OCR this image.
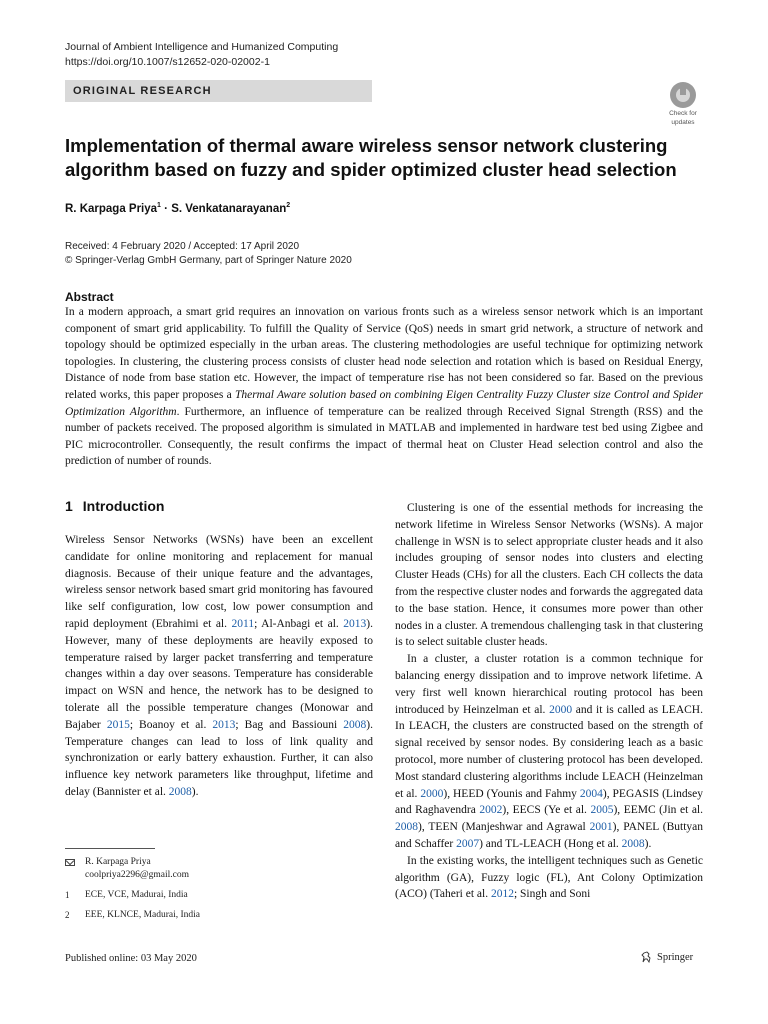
Journal of Ambient Intelligence and Humanized Computing
https://doi.org/10.1007/s12652-020-02002-1
ORIGINAL RESEARCH
Check for
updates
Implementation of thermal aware wireless sensor network clustering algorithm based on fuzzy and spider optimized cluster head selection
R. Karpaga Priya$^1$ · S. Venkatanarayanan$^2$
Received: 4 February 2020 / Accepted: 17 April 2020
© Springer-Verlag GmbH Germany, part of Springer Nature 2020
Abstract
In a modern approach, a smart grid requires an innovation on various fronts such as a wireless sensor network which is an important component of smart grid applicability. To fulfill the Quality of Service (QoS) needs in smart grid network, a structure of network and topology should be optimized especially in the urban areas. The clustering methodologies are useful technique for optimizing network topologies. In clustering, the clustering process consists of cluster head node selection and rotation which is based on Residual Energy, Distance of node from base station etc. However, the impact of temperature rise has not been considered so far. Based on the previous related works, this paper proposes a Thermal Aware solution based on combining Eigen Centrality Fuzzy Cluster size Control and Spider Optimization Algorithm. Furthermore, an influence of temperature can be realized through Received Signal Strength (RSS) and the number of packets received. The proposed algorithm is simulated in MATLAB and implemented in hardware test bed using Zigbee and PIC microcontroller. Consequently, the result confirms the impact of thermal heat on Cluster Head selection control and also the prediction of number of rounds.
1 Introduction

Wireless Sensor Networks (WSNs) have been an excellent candidate for online monitoring and replacement for manual diagnosis. Because of their unique feature and the advantages, wireless sensor network based smart grid monitoring has favoured like self configuration, low cost, low power consumption and rapid deployment (Ebrahimi et al. 2011; Al-Anbagi et al. 2013). However, many of these deployments are heavily exposed to temperature raised by larger packet transferring and temperature changes within a day over seasons. Temperature has considerable impact on WSN and hence, the network has to be designed to tolerate all the possible temperature changes (Monowar and Bajaber 2015; Boanoy et al. 2013; Bag and Bassiouni 2008). Temperature changes can lead to loss of link quality and synchronization or early battery exhaustion. Further, it can also influence key network parameters like throughput, lifetime and delay (Bannister et al. 2008).

Clustering is one of the essential methods for increasing the network lifetime in Wireless Sensor Networks (WSNs). A major challenge in WSN is to select appropriate cluster heads and it also includes grouping of sensor nodes into clusters and electing Cluster Heads (CHs) for all the clusters. Each CH collects the data from the respective cluster nodes and forwards the aggregated data to the base station. Hence, it consumes more power than other nodes in a cluster. A tremendous challenging task in that clustering is to select suitable cluster heads.

In a cluster, a cluster rotation is a common technique for balancing energy dissipation and to improve network lifetime. A very first well known hierarchical routing protocol has been introduced by Heinzelman et al. 2000 and it is called as LEACH. In LEACH, the clusters are constructed based on the strength of signal received by sensor nodes. By considering leach as a basic protocol, more number of clustering protocol has been developed. Most standard clustering algorithms include LEACH (Heinzelman et al. 2000), HEED (Younis and Fahmy 2004), PEGASIS (Lindsey and Raghavendra 2002), EECS (Ye et al. 2005), EEMC (Jin et al. 2008), TEEN (Manjeshwar and Agrawal 2001), PANEL (Buttyan and Schaffer 2007) and TL-LEACH (Hong et al. 2008).

In the existing works, the intelligent techniques such as Genetic algorithm (GA), Fuzzy logic (FL), Ant Colony Optimization (ACO) (Taheri et al. 2012; Singh and Soni

R. Karpaga Priya
coolpriya2296@gmail.com
1	ECE, VCE, Madurai, India
2	EEE, KLNCE, Madurai, India
Published online: 03 May 2020	Springer
